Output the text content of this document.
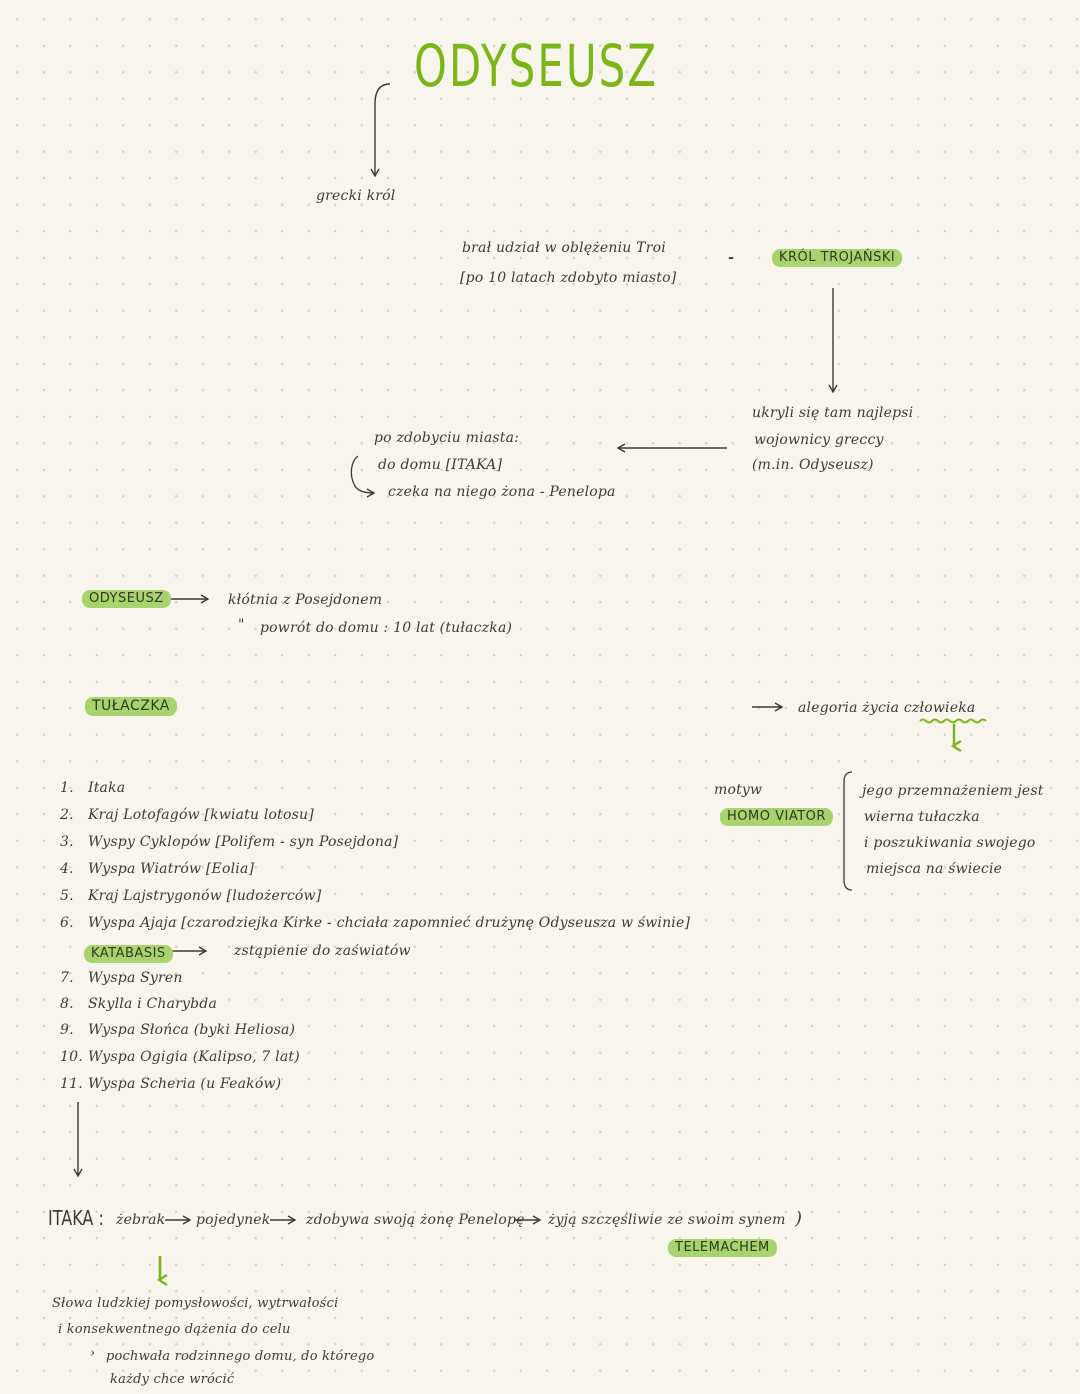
ODYSEUSZ
grecki król
brał udział w oblężeniu Troi
[po 10 latach zdobyto miasto]
-	KRÓL TROJAŃSKI
ukryli się tam najlepsi
wojownicy greccy
(m.in. Odyseusz)
po zdobyciu miasta:
do domu [ITAKA]
czeka na niego żona - Penelopa
ODYSEUSZ	kłótnia z Posejdonem
" powrót do domu : 10 lat (tułaczka)
TUŁACZKA	alegoria życia człowieka
motyw
HOMO VIATOR
jego przemnażeniem jest
wierna tułaczka
i poszukiwania swojego
miejsca na świecie
1. Itaka
2. Kraj Lotofagów [kwiatu lotosu]
3. Wyspy Cyklopów [Polifem - syn Posejdona]
4. Wyspa Wiatrów [Eolia]
5. Kraj Lajstrygonów [ludożerców]
6. Wyspa Ajaja [czarodziejka Kirke - chciała zapomnieć drużynę Odyseusza w świnie]
KATABASIS	zstąpienie do zaświatów
7. Wyspa Syren
8. Skylla i Charybda
9. Wyspa Słońca (byki Heliosa)
10. Wyspa Ogigia (Kalipso, 7 lat)
11. Wyspa Scheria (u Feaków)
ITAKA : żebrak pojedynek	zdobywa swoją żonę Penelopę żyją szczęśliwie ze swoim synem )
TELEMACHEM
Słowa ludzkiej pomysłowości, wytrwałości
i konsekwentnego dążenia do celu
› pochwała rodzinnego domu, do którego
każdy chce wrócić
